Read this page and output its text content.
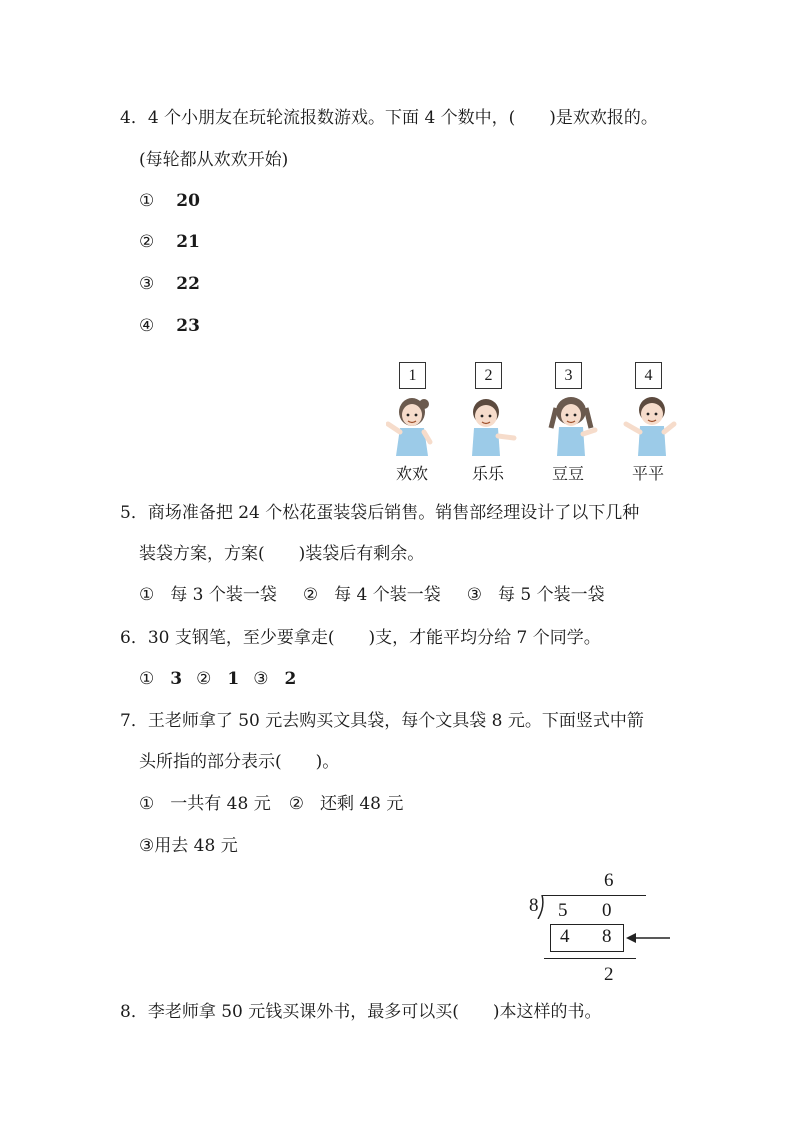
4．4 个小朋友在玩轮流报数游戏。下面 4 个数中，(　　)是欢欢报的。
(每轮都从欢欢开始)
① 20
② 21
③ 22
④ 23
1	2	3	4
欢欢	乐乐	豆豆	平平
5．商场准备把 24 个松花蛋装袋后销售。销售部经理设计了以下几种
装袋方案，方案(　　)装袋后有剩余。
① 每 3 个装一袋 ② 每 4 个装一袋 ③ 每 5 个装一袋
6．30 支钢笔，至少要拿走(　　)支，才能平均分给 7 个同学。
① 3 ② 1 ③ 2
7．王老师拿了 50 元去购买文具袋，每个文具袋 8 元。下面竖式中箭
头所指的部分表示(　　)。
① 一共有 48 元 ② 还剩 48 元
③ 用去 48 元
6
8 5 0
4 8
2
8．李老师拿 50 元钱买课外书，最多可以买(　　)本这样的书。
